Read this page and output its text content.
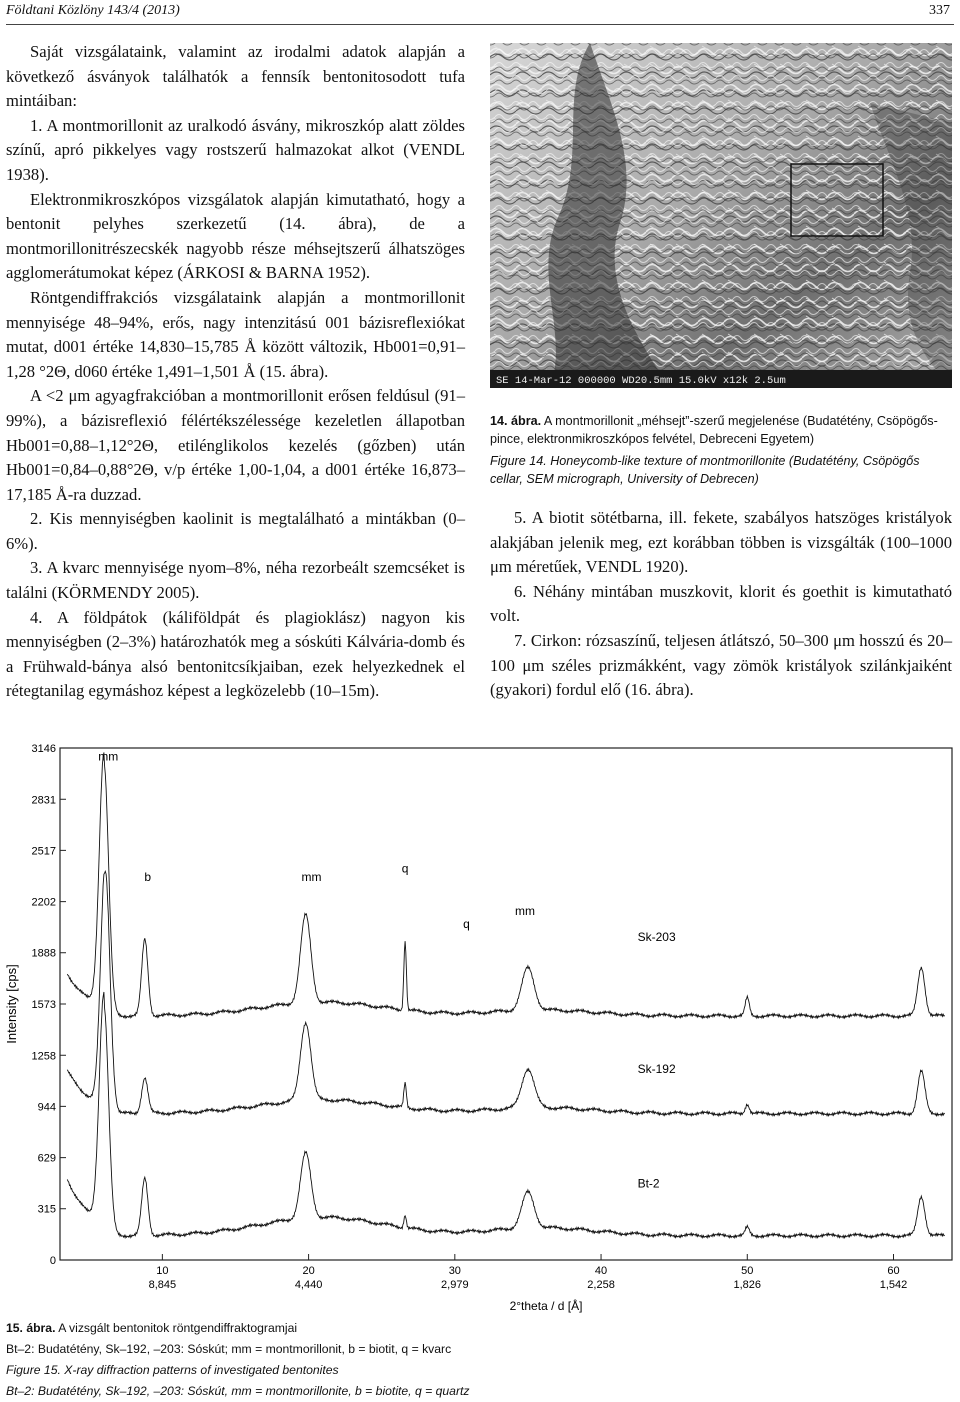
Földtani Közlöny 143/4 (2013)	337

Saját vizsgálataink, valamint az irodalmi adatok alapján a következő ásványok találhatók a fennsík bentonitosodott tufa mintáiban:

1. A montmorillonit az uralkodó ásvány, mikroszkóp alatt zöldes színű, apró pikkelyes vagy rostszerű halmazokat alkot (VENDL 1938).

Elektronmikroszkópos vizsgálatok alapján kimutatható, hogy a bentonit pelyhes szerkezetű (14. ábra), de a montmorillonitrészecskék nagyobb része méhsejtszerű álhatszöges agglomerátumokat képez (ÁRKOSI & BARNA 1952).

Röntgendiffrakciós vizsgálataink alapján a montmorillonit mennyisége 48–94%, erős, nagy intenzitású 001 bázisreflexiókat mutat, d001 értéke 14,830–15,785 Å között változik, Hb001=0,91–1,28 °2Θ, d060 értéke 1,491–1,501 Å (15. ábra).

A <2 μm agyagfrakcióban a montmorillonit erősen feldúsul (91–99%), a bázisreflexió félértékszélessége kezeletlen állapotban Hb001=0,88–1,12°2Θ, etilénglikolos kezelés (gőzben) után Hb001=0,84–0,88°2Θ, v/p értéke 1,00-1,04, a d001 értéke 16,873–17,185 Å-ra duzzad.

2. Kis mennyiségben kaolinit is megtalálható a mintákban (0–6%).

3. A kvarc mennyisége nyom–8%, néha rezorbeált szemcséket is találni (KÖRMENDY 2005).

4. A földpátok (káliföldpát és plagioklász) nagyon kis mennyiségben (2–3%) határozhatók meg a sóskúti Kálvária-domb és a Frühwald-bánya alsó bentonitcsíkjaiban, ezek helyezkednek el rétegtanilag egymáshoz képest a legközelebb (10–15m).

SE 14-Mar-12 000000 WD20.5mm 15.0kV x12k 2.5um
14. ábra. A montmorillonit „méhsejt”-szerű megjelenése (Budatétény, Csöpögős-pince, elektronmikroszkópos felvétel, Debreceni Egyetem)
Figure 14. Honeycomb-like texture of montmorillonite (Budatétény, Csöpögős cellar, SEM micrograph, University of Debrecen)

5. A biotit sötétbarna, ill. fekete, szabályos hatszöges kristályok alakjában jelenik meg, ezt korábban többen is vizsgálták (100–1000 μm méretűek, VENDL 1920).

6. Néhány mintában muszkovit, klorit és goethit is kimutatható volt.

7. Cirkon: rózsaszínű, teljesen átlátszó, 50–300 μm hosszú és 20–100 μm széles prizmákként, vagy zömök kristályok szilánkjaiként (gyakori) fordul elő (16. ábra).

3146
2831
2517
2202
1888
1573
1258
944
629
315
0
10
8,845
20
4,440
30
2,979
40
2,258
50
1,826
60
1,542
Intensity [cps]
2°theta / d [Å]
Sk-203
Sk-192
Bt-2
mm
b
q
mm
q
mm
15. ábra. A vizsgált bentonitok röntgendiffraktogramjai
Bt–2: Budatétény, Sk–192, –203: Sóskút; mm = montmorillonit, b = biotit, q = kvarc
Figure 15. X-ray diffraction patterns of investigated bentonites
Bt–2: Budatétény, Sk–192, –203: Sóskút, mm = montmorillonite, b = biotite, q = quartz
